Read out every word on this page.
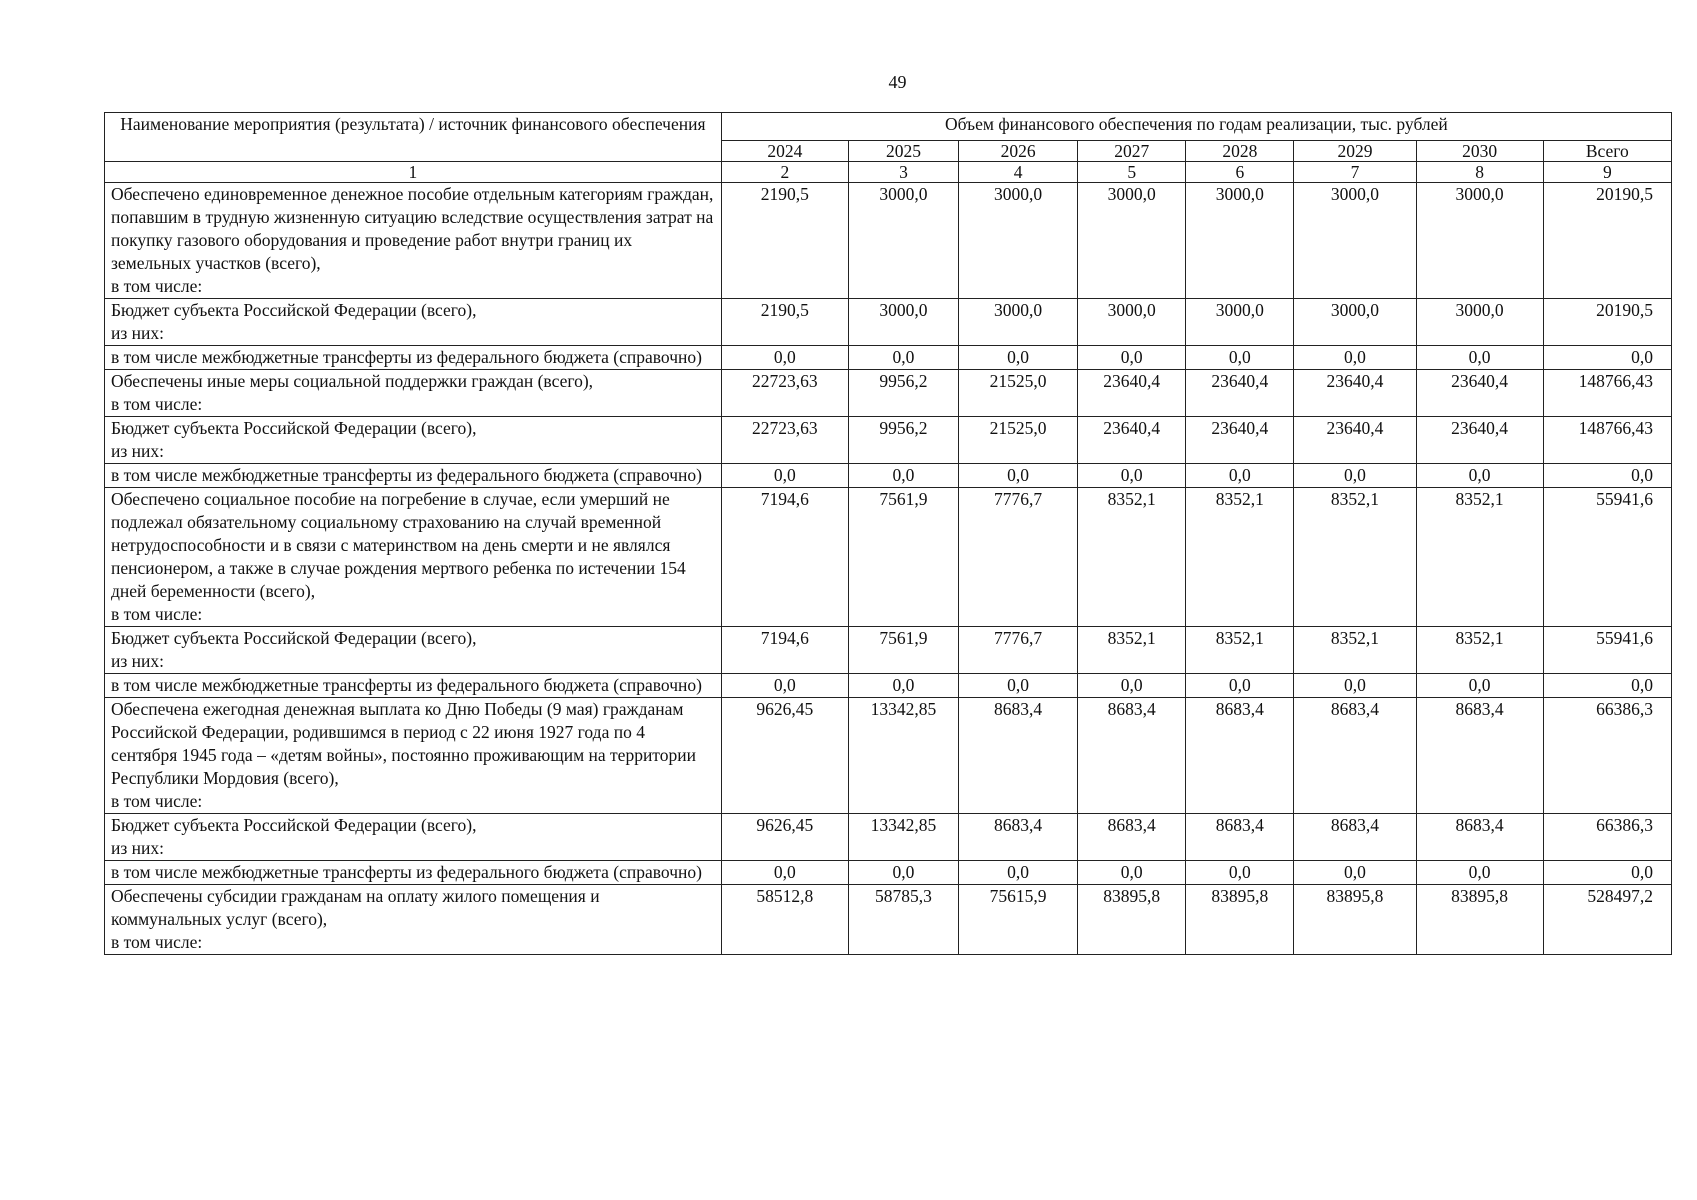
49
Наименование мероприятия (результата) / источник финансового обеспечения	Объем финансового обеспечения по годам реализации, тыс. рублей							
	2024	2025	2026	2027	2028	2029	2030	Всего
1	2	3	4	5	6	7	8	9
Обеспечено единовременное денежное пособие отдельным категориям граждан, попавшим в трудную жизненную ситуацию вследствие осуществления затрат на покупку газового оборудования и проведение работ внутри границ их земельных участков (всего),
в том числе:	2190,5	3000,0	3000,0	3000,0	3000,0	3000,0	3000,0	20190,5
Бюджет субъекта Российской Федерации (всего),
из них:	2190,5	3000,0	3000,0	3000,0	3000,0	3000,0	3000,0	20190,5
в том числе межбюджетные трансферты из федерального бюджета (справочно)	0,0	0,0	0,0	0,0	0,0	0,0	0,0	0,0
Обеспечены иные меры социальной поддержки граждан (всего),
в том числе:	22723,63	9956,2	21525,0	23640,4	23640,4	23640,4	23640,4	148766,43
Бюджет субъекта Российской Федерации (всего),
из них:	22723,63	9956,2	21525,0	23640,4	23640,4	23640,4	23640,4	148766,43
в том числе межбюджетные трансферты из федерального бюджета (справочно)	0,0	0,0	0,0	0,0	0,0	0,0	0,0	0,0
Обеспечено социальное пособие на погребение в случае, если умерший не подлежал обязательному социальному страхованию на случай временной нетрудоспособности и в связи с материнством на день смерти и не являлся пенсионером, а также в случае рождения мертвого ребенка по истечении 154 дней беременности (всего),
в том числе:	7194,6	7561,9	7776,7	8352,1	8352,1	8352,1	8352,1	55941,6
Бюджет субъекта Российской Федерации (всего),
из них:	7194,6	7561,9	7776,7	8352,1	8352,1	8352,1	8352,1	55941,6
в том числе межбюджетные трансферты из федерального бюджета (справочно)	0,0	0,0	0,0	0,0	0,0	0,0	0,0	0,0
Обеспечена ежегодная денежная выплата ко Дню Победы (9 мая) гражданам Российской Федерации, родившимся в период с 22 июня 1927 года по 4 сентября 1945 года – «детям войны», постоянно проживающим на территории Республики Мордовия (всего),
в том числе:	9626,45	13342,85	8683,4	8683,4	8683,4	8683,4	8683,4	66386,3
Бюджет субъекта Российской Федерации (всего),
из них:	9626,45	13342,85	8683,4	8683,4	8683,4	8683,4	8683,4	66386,3
в том числе межбюджетные трансферты из федерального бюджета (справочно)	0,0	0,0	0,0	0,0	0,0	0,0	0,0	0,0
Обеспечены субсидии гражданам на оплату жилого помещения и коммунальных услуг (всего),
в том числе:	58512,8	58785,3	75615,9	83895,8	83895,8	83895,8	83895,8	528497,2
